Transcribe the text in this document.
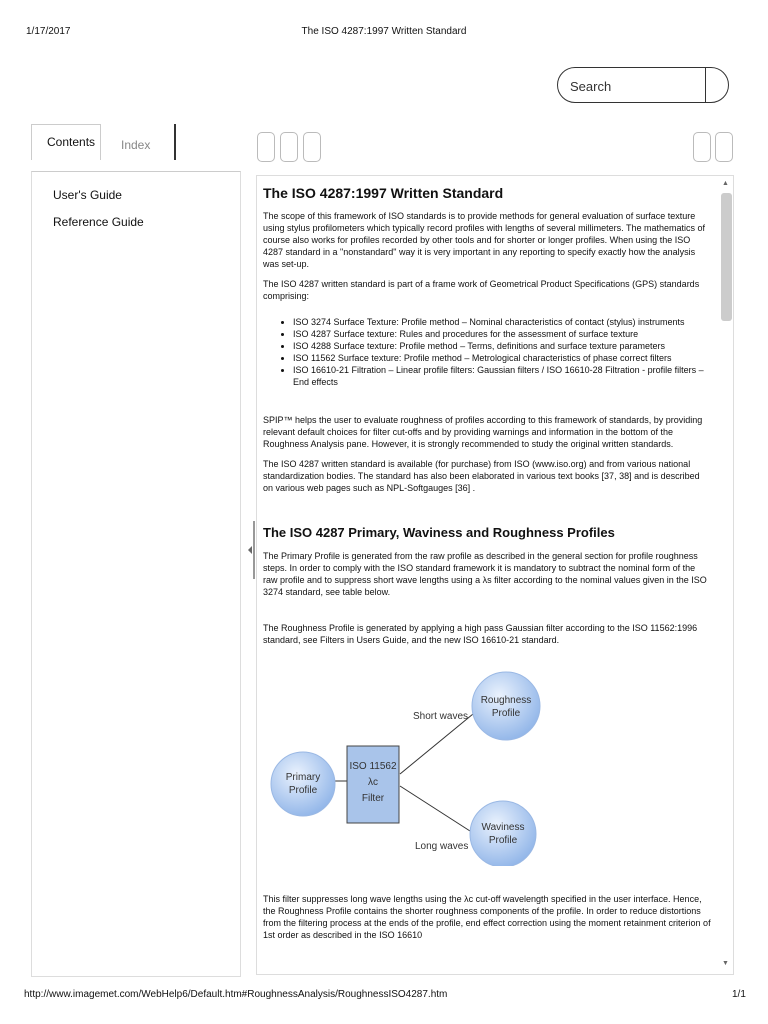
1/17/2017	The ISO 4287:1997 Written Standard
Search
Contents Index
User's Guide
Reference Guide
The ISO 4287:1997 Written Standard

The scope of this framework of ISO standards is to provide methods for general evaluation of surface texture using stylus profilometers which typically record profiles with lengths of several millimeters. The mathematics of course also works for profiles recorded by other tools and for shorter or longer profiles. When using the ISO 4287 standard in a "nonstandard" way it is very important in any reporting to specify exactly how the analysis was set-up.

The ISO 4287 written standard is part of a frame work of Geometrical Product Specifications (GPS) standards comprising:

• ISO 3274 Surface Texture: Profile method – Nominal characteristics of contact (stylus) instruments
• ISO 4287 Surface texture: Rules and procedures for the assessment of surface texture
• ISO 4288 Surface texture: Profile method – Terms, definitions and surface texture parameters
• ISO 11562 Surface texture: Profile method – Metrological characteristics of phase correct filters
• ISO 16610-21 Filtration – Linear profile filters: Gaussian filters / ISO 16610-28 Filtration - profile filters – End effects

SPIP™ helps the user to evaluate roughness of profiles according to this framework of standards, by providing relevant default choices for filter cut-offs and by providing warnings and information in the bottom of the Roughness Analysis pane. However, it is strongly recommended to study the original written standards.

The ISO 4287 written standard is available (for purchase) from ISO (www.iso.org) and from various national standardization bodies. The standard has also been elaborated in various text books [37, 38] and is described on various web pages such as NPL-Softgauges [36] .

The ISO 4287 Primary, Waviness and Roughness Profiles

The Primary Profile is generated from the raw profile as described in the general section for profile roughness steps. In order to comply with the ISO standard framework it is mandatory to subtract the nominal form of the raw profile and to suppress short wave lengths using a λs filter according to the nominal values given in the ISO 3274 standard, see table below.

The Roughness Profile is generated by applying a high pass Gaussian filter according to the ISO 11562:1996 standard, see Filters in Users Guide, and the new ISO 16610-21 standard.

Primary
Profile
ISO 11562
λc
Filter
Roughness
Profile
Waviness
Profile
Short waves
Long waves

This filter suppresses long wave lengths using the λc cut-off wavelength specified in the user interface. Hence, the Roughness Profile contains the shorter roughness components of the profile. In order to reduce distortions from the filtering process at the ends of the profile, end effect correction using the moment retainment criterion of 1st order as described in the ISO 16610

▲
▼
http://www.imagemet.com/WebHelp6/Default.htm#RoughnessAnalysis/RoughnessISO4287.htm	1/1
